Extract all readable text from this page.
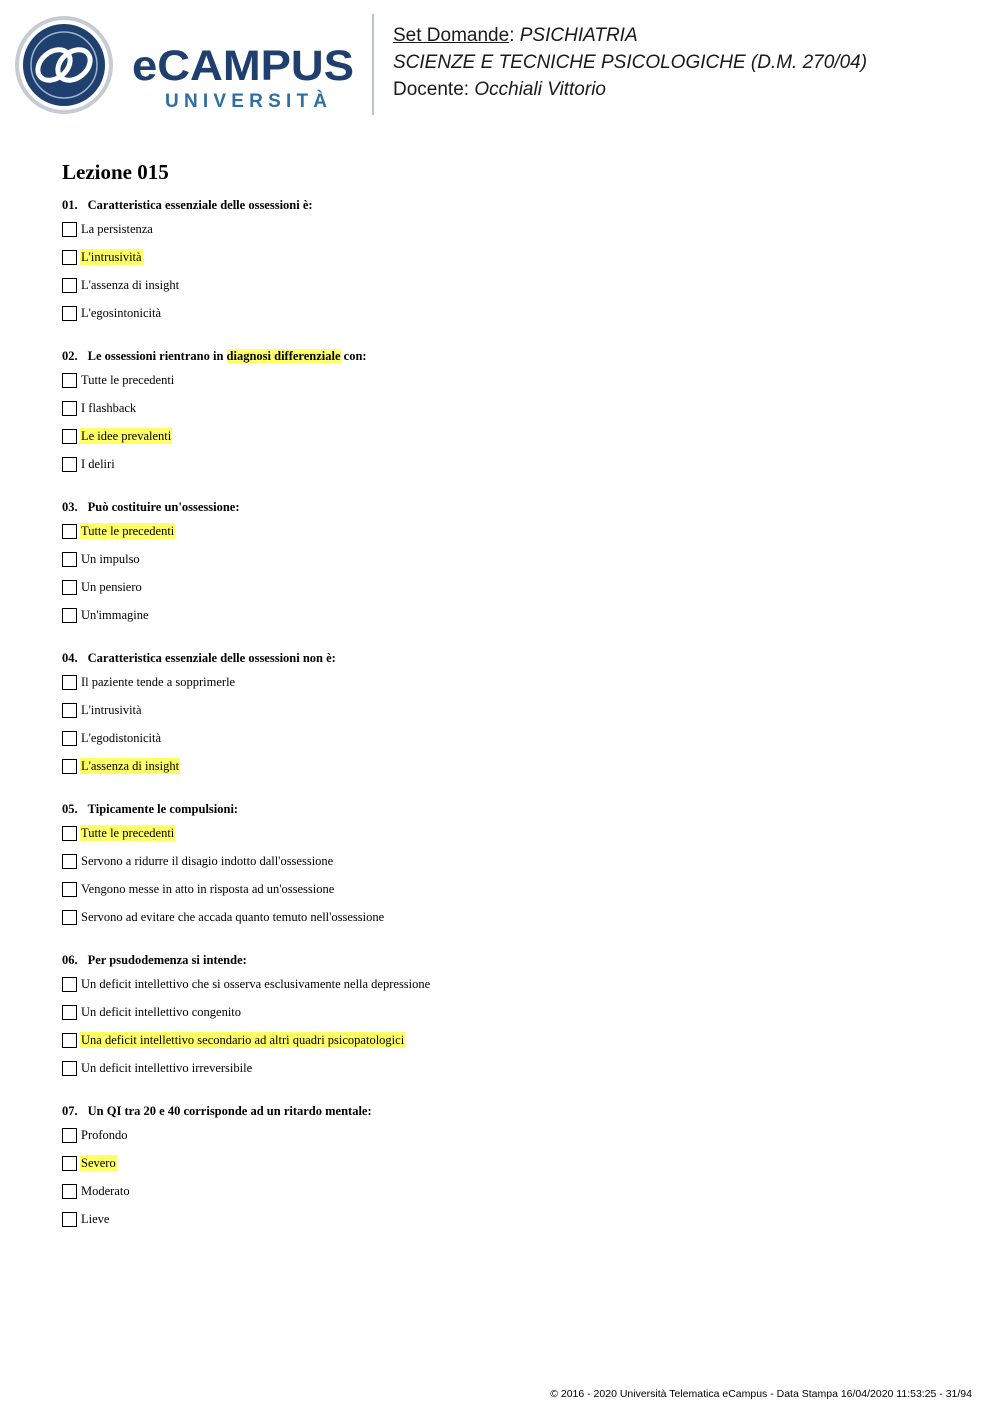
eCAMPUS
UNIVERSITÀ
Set Domande: PSICHIATRIA
SCIENZE E TECNICHE PSICOLOGICHE (D.M. 270/04)
Docente: Occhiali Vittorio
Lezione 015
01. Caratteristica essenziale delle ossessioni è:
La persistenza
L'intrusività
L'assenza di insight
L'egosintonicità
02. Le ossessioni rientrano in diagnosi differenziale con:
Tutte le precedenti
I flashback
Le idee prevalenti
I deliri
03. Può costituire un'ossessione:
Tutte le precedenti
Un impulso
Un pensiero
Un'immagine
04. Caratteristica essenziale delle ossessioni non è:
Il paziente tende a sopprimerle
L'intrusività
L'egodistonicità
L'assenza di insight
05. Tipicamente le compulsioni:
Tutte le precedenti
Servono a ridurre il disagio indotto dall'ossessione
Vengono messe in atto in risposta ad un'ossessione
Servono ad evitare che accada quanto temuto nell'ossessione
06. Per psudodemenza si intende:
Un deficit intellettivo che si osserva esclusivamente nella depressione
Un deficit intellettivo congenito
Una deficit intellettivo secondario ad altri quadri psicopatologici
Un deficit intellettivo irreversibile
07. Un QI tra 20 e 40 corrisponde ad un ritardo mentale:
Profondo
Severo
Moderato
Lieve
© 2016 - 2020 Università Telematica eCampus - Data Stampa 16/04/2020 11:53:25 - 31/94
